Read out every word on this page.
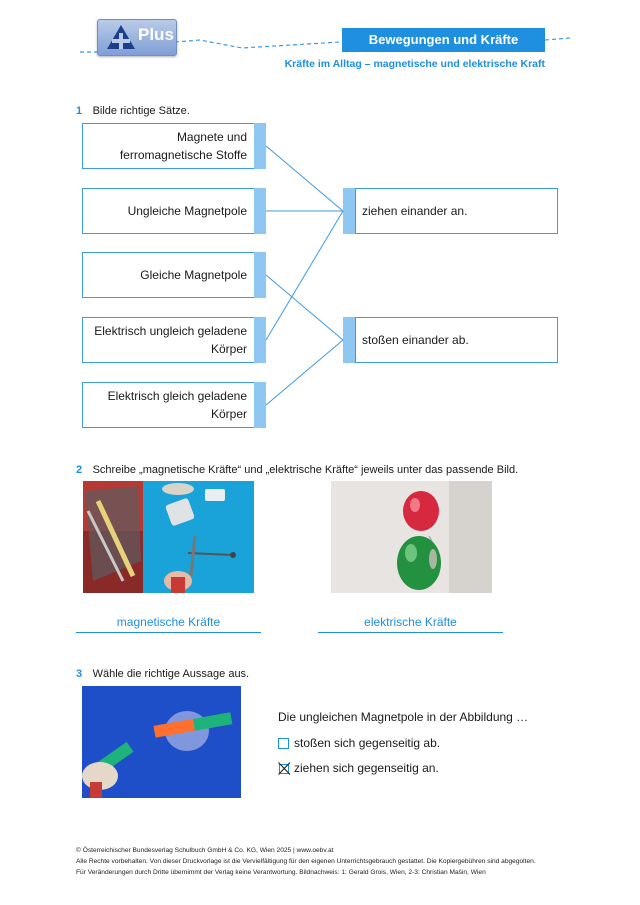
Plus	Bewegungen und Kräfte
Kräfte im Alltag – magnetische und elektrische Kraft
1 Bilde richtige Sätze.
Magnete und ferromagnetische Stoffe
Ungleiche Magnetpole
Gleiche Magnetpole
Elektrisch ungleich geladene Körper
Elektrisch gleich geladene Körper
ziehen einander an.
stoßen einander ab.
2 Schreibe „magnetische Kräfte“ und „elektrische Kräfte“ jeweils unter das passende Bild.
magnetische Kräfte	elektrische Kräfte
3 Wähle die richtige Aussage aus.
Die ungleichen Magnetpole in der Abbildung …
stoßen sich gegenseitig ab.
ziehen sich gegenseitig an.
© Österreichischer Bundesverlag Schulbuch GmbH & Co. KG, Wien 2025 | www.oebv.at
Alle Rechte vorbehalten. Von dieser Druckvorlage ist die Vervielfältigung für den eigenen Unterrichtsgebrauch gestattet. Die Kopiergebühren sind abgegolten.
Für Veränderungen durch Dritte übernimmt der Verlag keine Verantwortung. Bildnachweis: 1: Gerald Grois, Wien, 2-3: Christian Mašin, Wien
